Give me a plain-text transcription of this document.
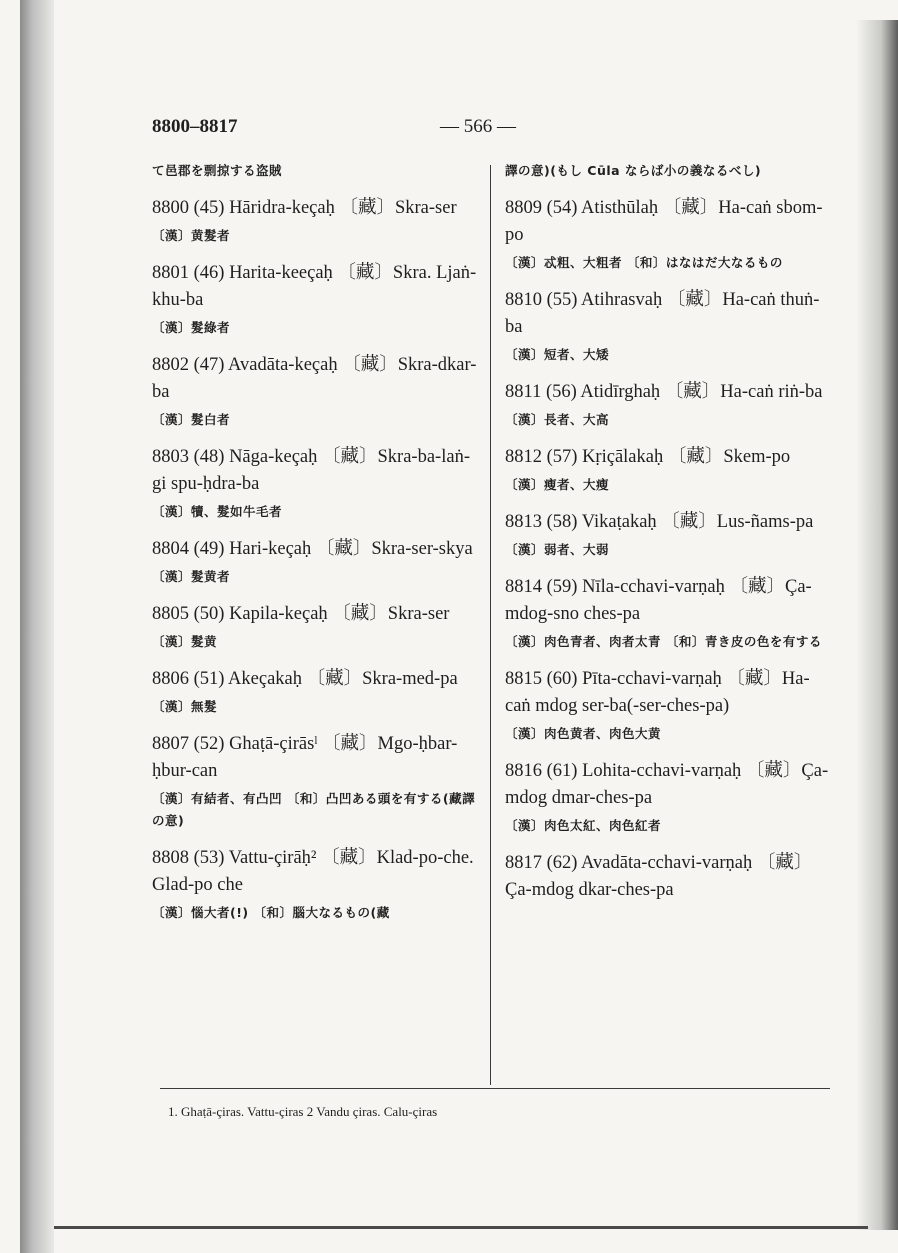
8800–8817	— 566 —
て邑郡を剽掠する盗賊
8800 (45) Hāridra-keçaḥ 〔藏〕Skra-ser
〔漢〕黄髮者
8801 (46) Harita-keeçaḥ 〔藏〕Skra. Ljaṅ-khu-ba
〔漢〕髮綠者
8802 (47) Avadāta-keçaḥ 〔藏〕Skra-dkar-ba
〔漢〕髮白者
8803 (48) Nāga-keçaḥ 〔藏〕Skra-ba-laṅ-gi spu-ḥdra-ba
〔漢〕犢、髮如牛毛者
8804 (49) Hari-keçaḥ 〔藏〕Skra-ser-skya
〔漢〕髮黄者
8805 (50) Kapila-keçaḥ 〔藏〕Skra-ser
〔漢〕髮黄
8806 (51) Akeçakaḥ 〔藏〕Skra-med-pa
〔漢〕無髮
8807 (52) Ghaṭā-çirāsˡ 〔藏〕Mgo-ḥbar-ḥbur-can
〔漢〕有結者、有凸凹 〔和〕凸凹ある頭を有する(藏譯の意)
8808 (53) Vattu-çirāḥ² 〔藏〕Klad-po-che. Glad-po che
〔漢〕惱大者(!) 〔和〕腦大なるもの(藏
譯の意)(もし Cūla ならば小の義なるべし)
8809 (54) Atisthūlaḥ 〔藏〕Ha-caṅ sbom-po
〔漢〕忒粗、大粗者 〔和〕はなはだ大なるもの
8810 (55) Atihrasvaḥ 〔藏〕Ha-caṅ thuṅ-ba
〔漢〕短者、大矮
8811 (56) Atidīrghaḥ 〔藏〕Ha-caṅ riṅ-ba
〔漢〕長者、大高
8812 (57) Kṛiçālakaḥ 〔藏〕Skem-po
〔漢〕瘦者、大瘦
8813 (58) Vikaṭakaḥ 〔藏〕Lus-ñams-pa
〔漢〕弱者、大弱
8814 (59) Nīla-cchavi-varṇaḥ 〔藏〕Ça-mdog-sno ches-pa
〔漢〕肉色青者、肉者太青 〔和〕青き皮の色を有する
8815 (60) Pīta-cchavi-varṇaḥ 〔藏〕Ha-caṅ mdog ser-ba(-ser-ches-pa)
〔漢〕肉色黄者、肉色大黄
8816 (61) Lohita-cchavi-varṇaḥ 〔藏〕Ça-mdog dmar-ches-pa
〔漢〕肉色太紅、肉色紅者
8817 (62) Avadāta-cchavi-varṇaḥ 〔藏〕Ça-mdog dkar-ches-pa
1. Ghaṭā-çiras. Vattu-çiras 2 Vandu çiras. Calu-çiras
